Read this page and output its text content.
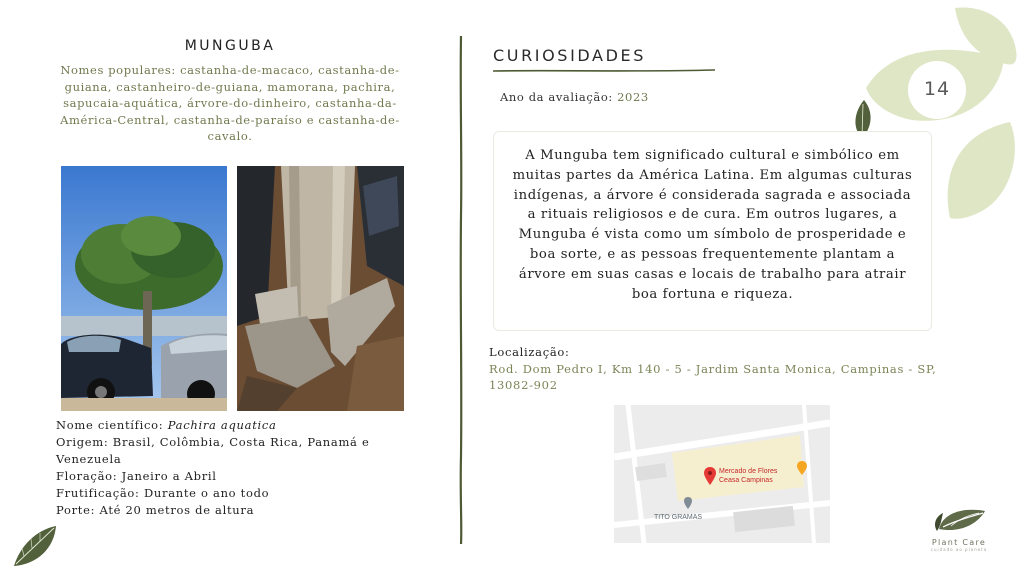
14
MUNGUBA
Nomes populares: castanha-de-macaco, castanha-de-guiana, castanheiro-de-guiana, mamorana, pachira, sapucaia-aquática, árvore-do-dinheiro, castanha-da-América-Central, castanha-de-paraíso e castanha-de-cavalo.
Nome científico: Pachira aquatica
Origem: Brasil, Colômbia, Costa Rica, Panamá e Venezuela
Floração: Janeiro a Abril
Frutificação: Durante o ano todo
Porte: Até 20 metros de altura
CURIOSIDADES
Ano da avaliação: 2023
A Munguba tem significado cultural e simbólico em muitas partes da América Latina. Em algumas culturas indígenas, a árvore é considerada sagrada e associada a rituais religiosos e de cura. Em outros lugares, a Munguba é vista como um símbolo de prosperidade e boa sorte, e as pessoas frequentemente plantam a árvore em suas casas e locais de trabalho para atrair boa fortuna e riqueza.
Localização:
Rod. Dom Pedro I, Km 140 - 5 - Jardim Santa Monica, Campinas - SP, 13082-902
Mercado de Flores
Ceasa Campinas
TITO GRAMAS
Plant Care
cuidado ao planeta
